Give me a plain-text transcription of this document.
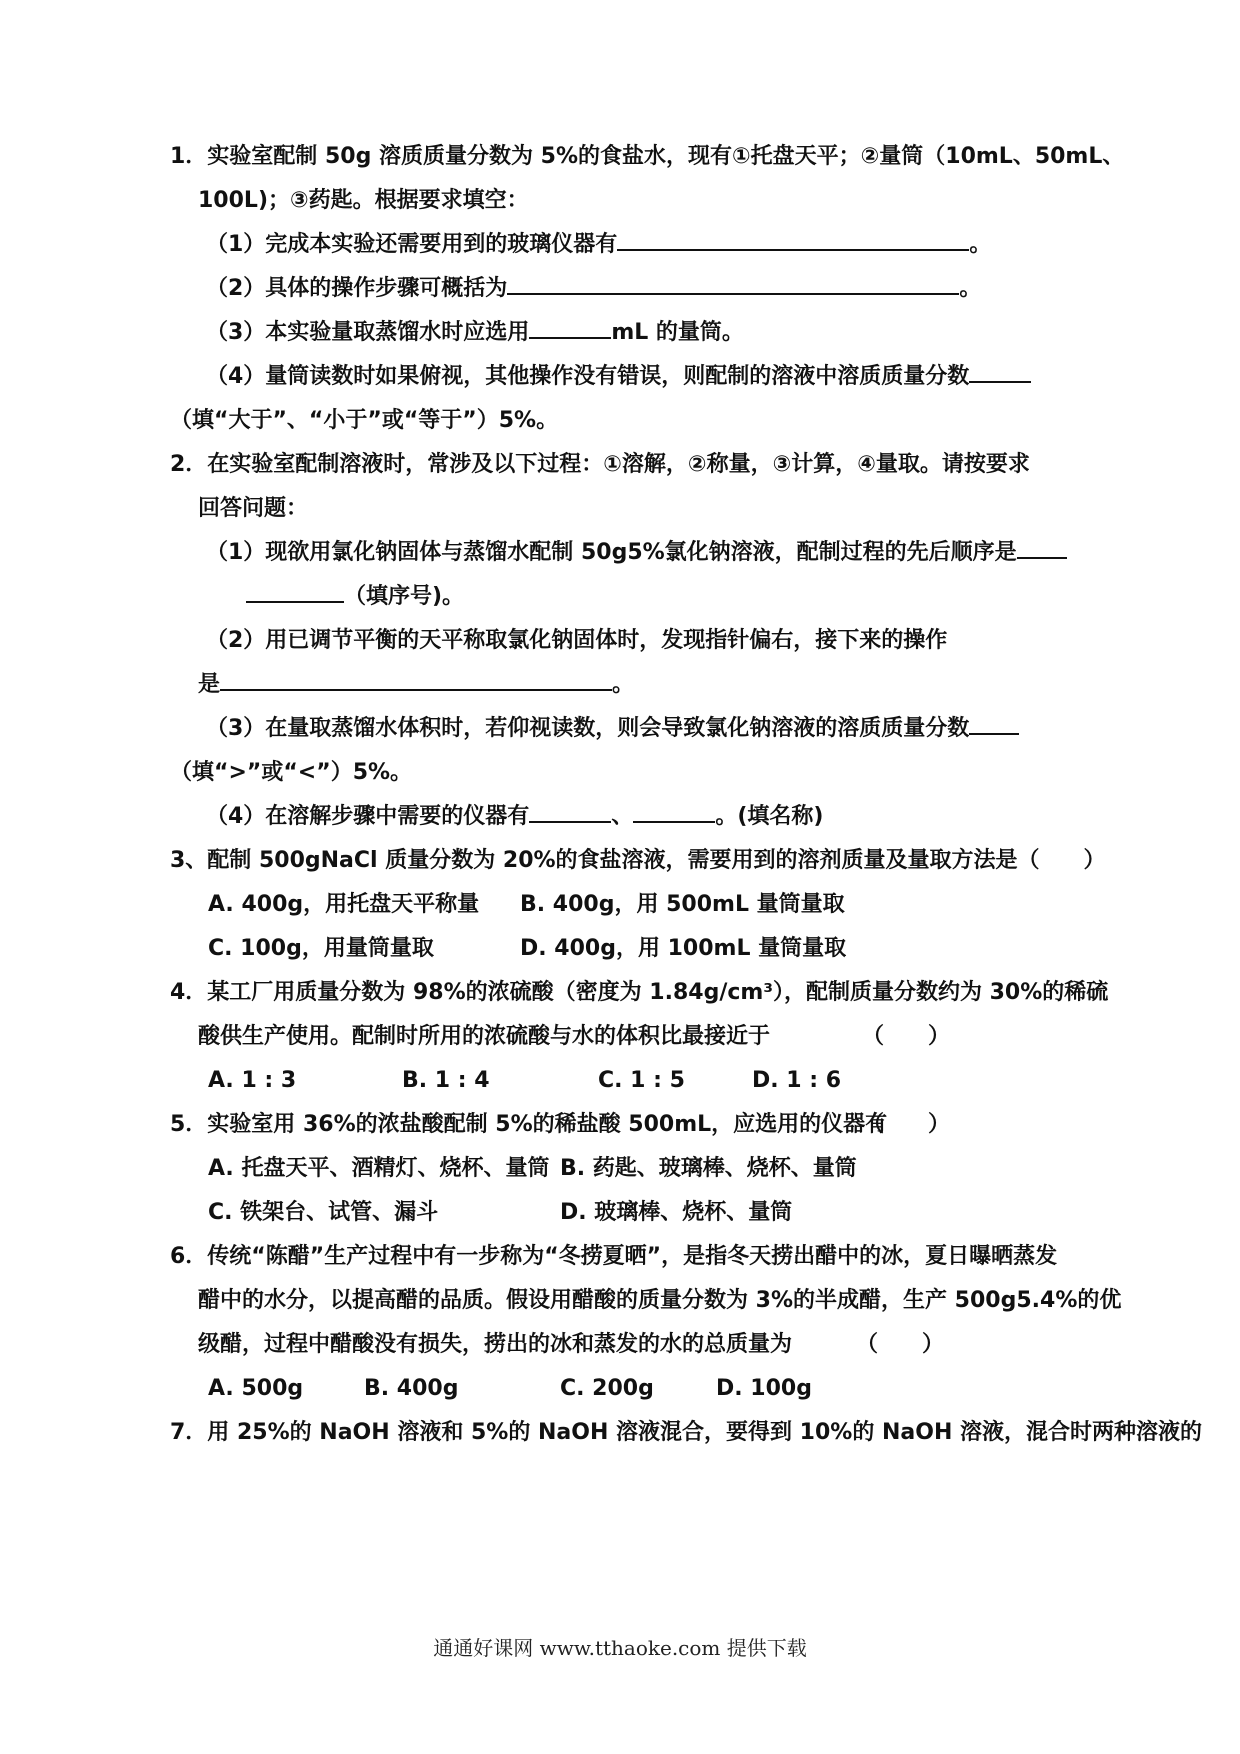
1．实验室配制 50g 溶质质量分数为 5%的食盐水，现有①托盘天平；②量筒（10mL、50mL、
100L)；③药匙。根据要求填空：
（1）完成本实验还需要用到的玻璃仪器有	。
（2）具体的操作步骤可概括为	。
（3）本实验量取蒸馏水时应选用	mL 的量筒。
（4）量筒读数时如果俯视，其他操作没有错误，则配制的溶液中溶质质量分数
（填“大于”、“小于”或“等于”）5%。
2．在实验室配制溶液时，常涉及以下过程：①溶解，②称量，③计算，④量取。请按要求
回答问题：
（1）现欲用氯化钠固体与蒸馏水配制 50g5%氯化钠溶液，配制过程的先后顺序是
（填序号)。
（2）用已调节平衡的天平称取氯化钠固体时，发现指针偏右，接下来的操作
是	。
（3）在量取蒸馏水体积时，若仰视读数，则会导致氯化钠溶液的溶质质量分数
（填“>”或“<”）5%。
（4）在溶解步骤中需要的仪器有	、	。(填名称)
3、配制 500gNaCl 质量分数为 20%的食盐溶液，需要用到的溶剂质量及量取方法是（　　）
A. 400g，用托盘天平称量 B. 400g，用 500mL 量筒量取
C. 100g，用量筒量取	D. 400g，用 100mL 量筒量取
4．某工厂用质量分数为 98%的浓硫酸（密度为 1.84g/cm³），配制质量分数约为 30%的稀硫
酸供生产使用。配制时所用的浓硫酸与水的体积比最接近于	（　　）
A. 1 : 3	B. 1 : 4	C. 1 : 5	D. 1 : 6
5．实验室用 36%的浓盐酸配制 5%的稀盐酸 500mL，应选用的仪器有
（　　）
A. 托盘天平、酒精灯、烧杯、量筒 B. 药匙、玻璃棒、烧杯、量筒
C. 铁架台、试管、漏斗	D. 玻璃棒、烧杯、量筒
6．传统“陈醋”生产过程中有一步称为“冬捞夏晒”，是指冬天捞出醋中的冰，夏日曝晒蒸发
醋中的水分，以提高醋的品质。假设用醋酸的质量分数为 3%的半成醋，生产 500g5.4%的优
级醋，过程中醋酸没有损失，捞出的冰和蒸发的水的总质量为	（　　）
A. 500g	B. 400g	C. 200g	D. 100g
7．用 25%的 NaOH 溶液和 5%的 NaOH 溶液混合，要得到 10%的 NaOH 溶液，混合时两种溶液的
通通好课网 www.tthaoke.com 提供下载
